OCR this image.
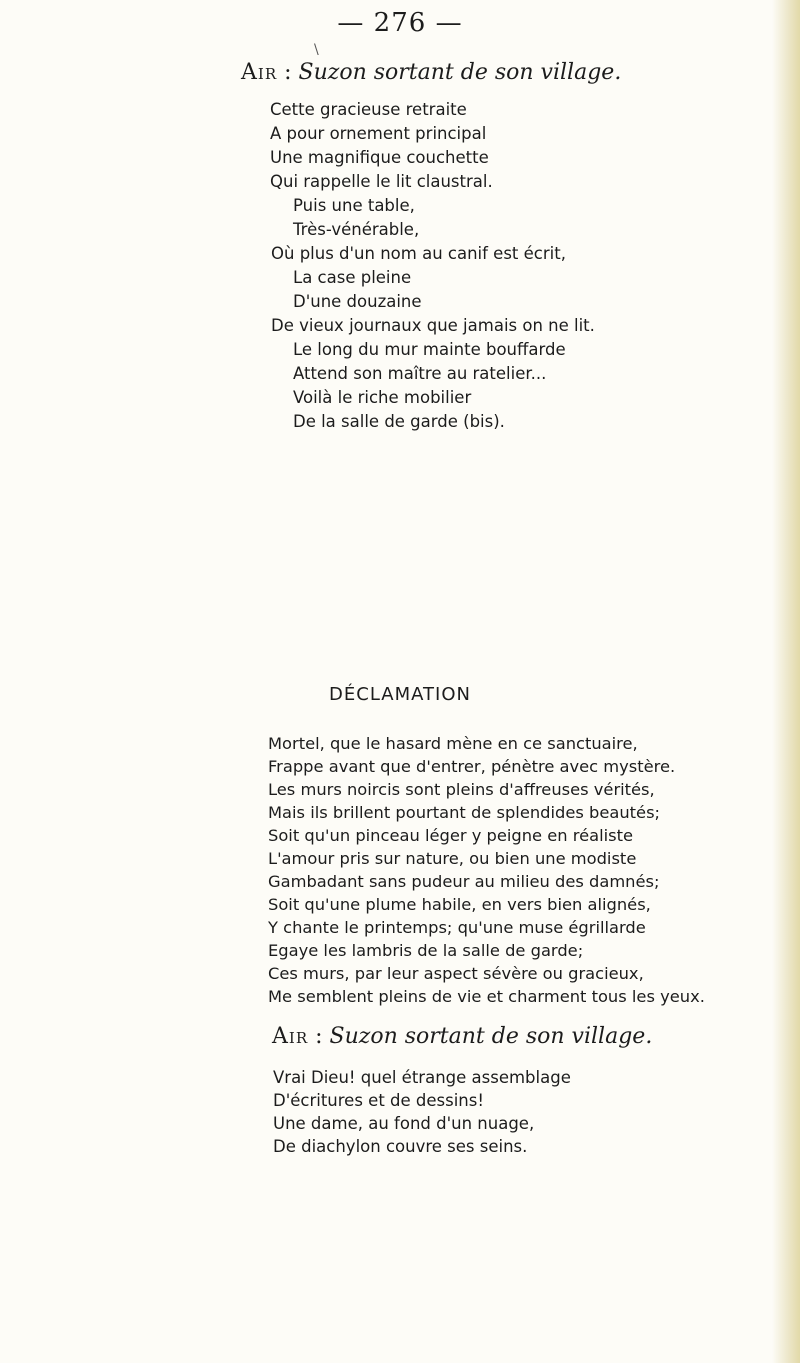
— 276 —
\
Air : Suzon sortant de son village.
Cette gracieuse retraite
A pour ornement principal
Une magnifique couchette
Qui rappelle le lit claustral.
Puis une table,
Très-vénérable,
Où plus d'un nom au canif est écrit,
La case pleine
D'une douzaine
De vieux journaux que jamais on ne lit.
Le long du mur mainte bouffarde
Attend son maître au ratelier...
Voilà le riche mobilier
De la salle de garde (bis).
DÉCLAMATION
Mortel, que le hasard mène en ce sanctuaire,
Frappe avant que d'entrer, pénètre avec mystère.
Les murs noircis sont pleins d'affreuses vérités,
Mais ils brillent pourtant de splendides beautés;
Soit qu'un pinceau léger y peigne en réaliste
L'amour pris sur nature, ou bien une modiste
Gambadant sans pudeur au milieu des damnés;
Soit qu'une plume habile, en vers bien alignés,
Y chante le printemps; qu'une muse égrillarde
Egaye les lambris de la salle de garde;
Ces murs, par leur aspect sévère ou gracieux,
Me semblent pleins de vie et charment tous les yeux.
Air : Suzon sortant de son village.
Vrai Dieu! quel étrange assemblage
D'écritures et de dessins!
Une dame, au fond d'un nuage,
De diachylon couvre ses seins.
